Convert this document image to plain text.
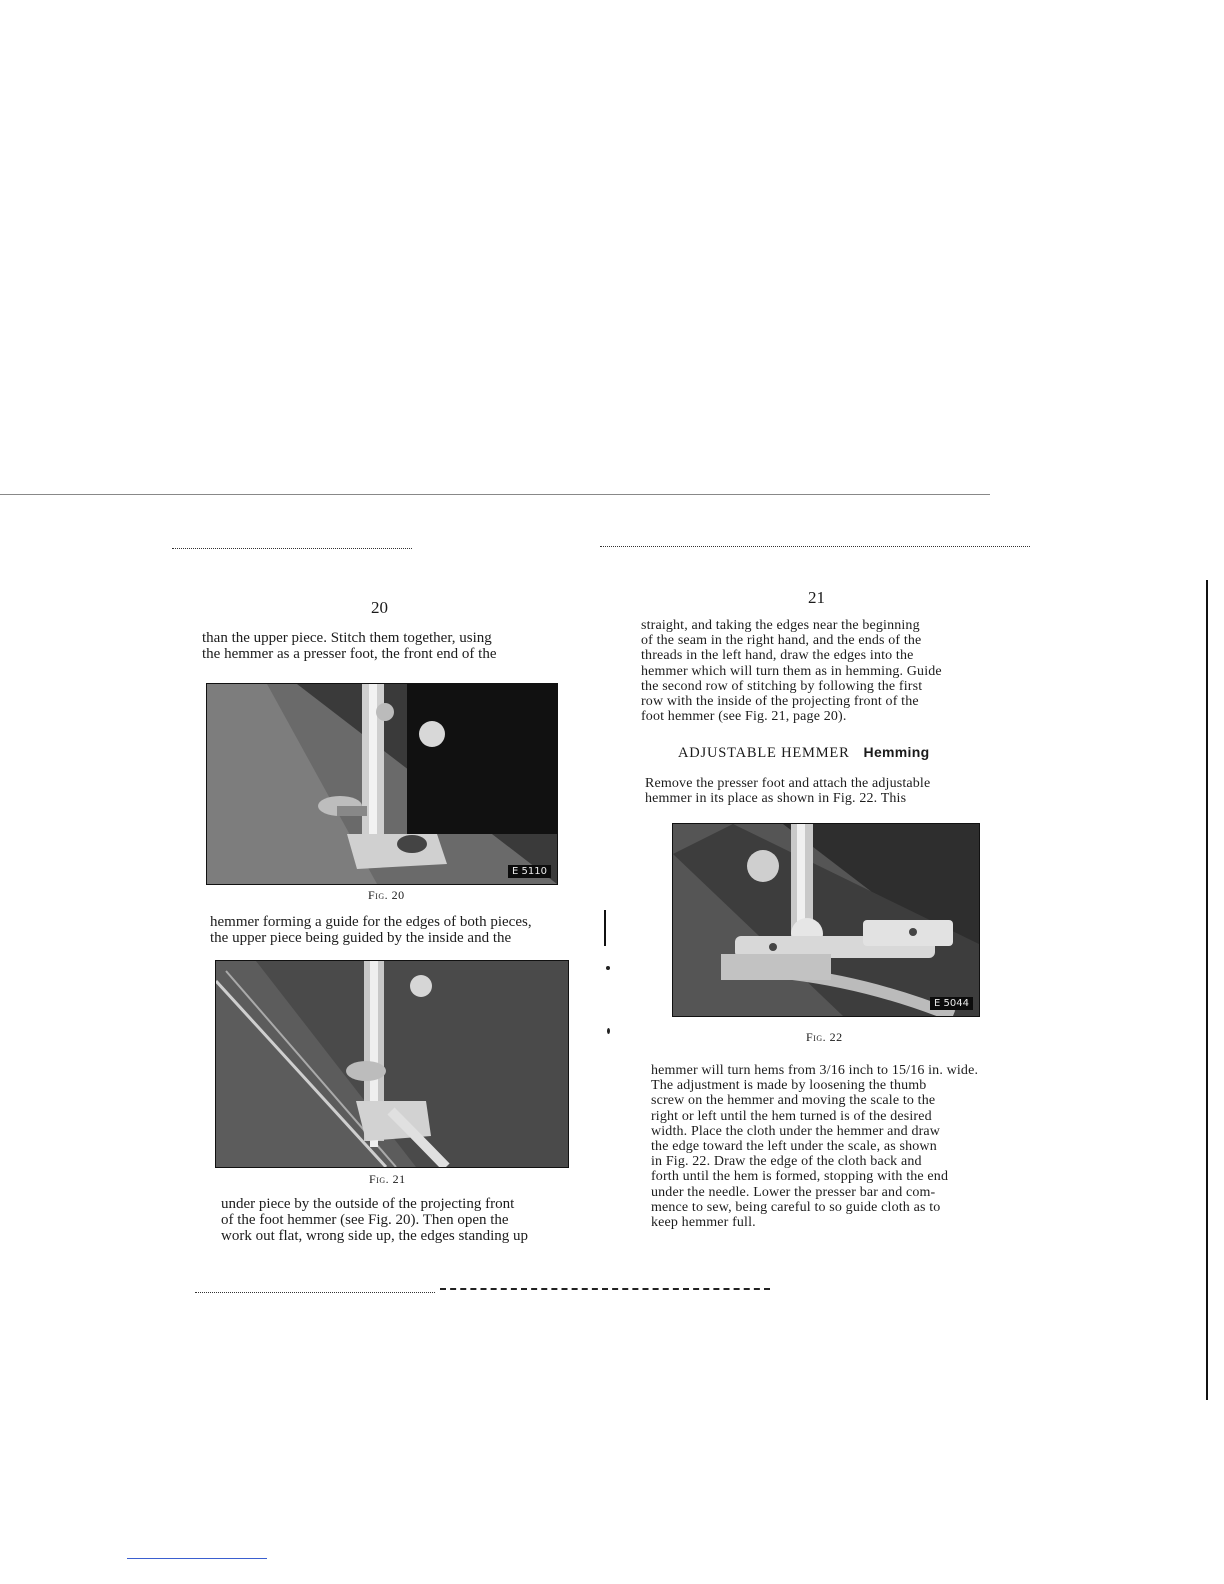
20
than the upper piece. Stitch them together, using
the hemmer as a presser foot, the front end of the
E 5110
Fig. 20
hemmer forming a guide for the edges of both pieces,
the upper piece being guided by the inside and the
Fig. 21
under piece by the outside of the projecting front
of the foot hemmer (see Fig. 20). Then open the
work out flat, wrong side up, the edges standing up
21
straight, and taking the edges near the beginning
of the seam in the right hand, and the ends of the
threads in the left hand, draw the edges into the
hemmer which will turn them as in hemming. Guide
the second row of stitching by following the first
row with the inside of the projecting front of the
foot hemmer (see Fig. 21, page 20).
ADJUSTABLE HEMMER Hemming
Remove the presser foot and attach the adjustable
hemmer in its place as shown in Fig. 22. This
E 5044
Fig. 22
hemmer will turn hems from 3/16 inch to 15/16 in. wide.
The adjustment is made by loosening the thumb
screw on the hemmer and moving the scale to the
right or left until the hem turned is of the desired
width. Place the cloth under the hemmer and draw
the edge toward the left under the scale, as shown
in Fig. 22. Draw the edge of the cloth back and
forth until the hem is formed, stopping with the end
under the needle. Lower the presser bar and com-
mence to sew, being careful to so guide cloth as to
keep hemmer full.
